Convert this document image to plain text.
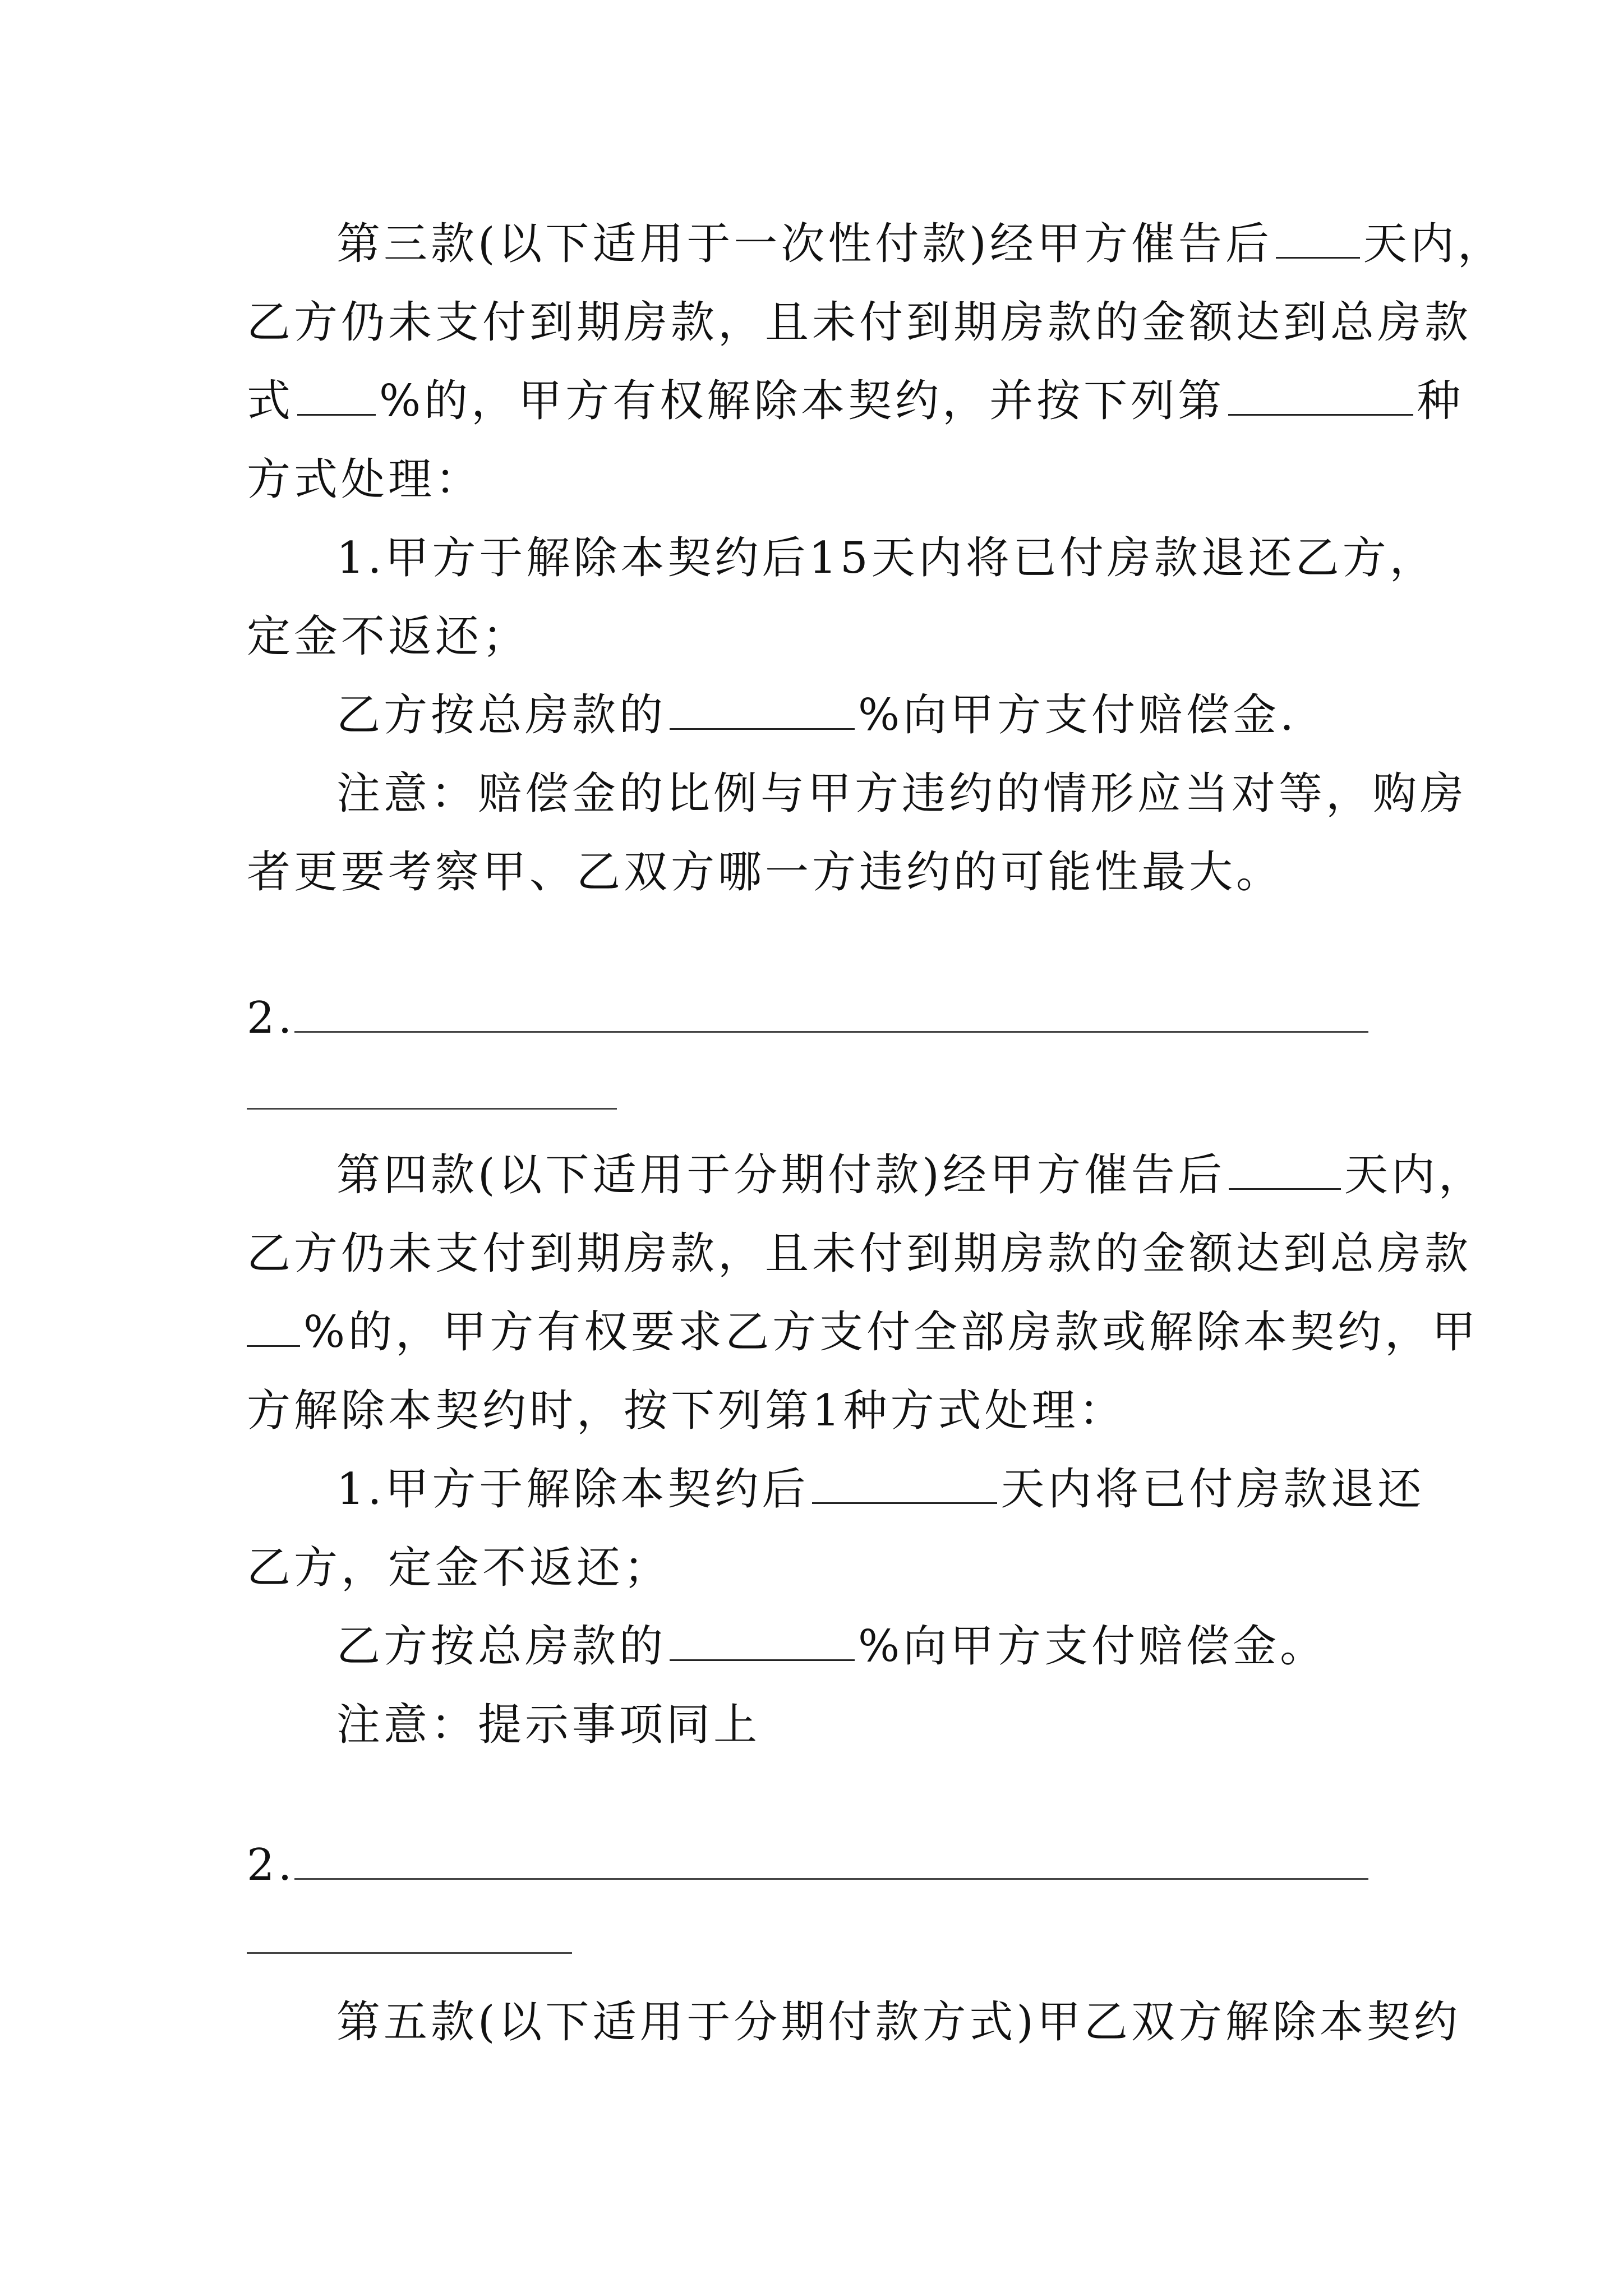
第三款(以下适用于一次性付款)经甲方催告后 天内，
乙方仍未支付到期房款，且未付到期房款的金额达到总房款
式 %的，甲方有权解除本契约，并按下列第	种
方式处理：
1.甲方于解除本契约后15天内将已付房款退还乙方，
定金不返还；
乙方按总房款的	%向甲方支付赔偿金.
注意：赔偿金的比例与甲方违约的情形应当对等，购房
者更要考察甲、乙双方哪一方违约的可能性最大。
2.
第四款(以下适用于分期付款)经甲方催告后	天内，
乙方仍未支付到期房款，且未付到期房款的金额达到总房款
%的，甲方有权要求乙方支付全部房款或解除本契约，甲
方解除本契约时，按下列第1种方式处理：
1.甲方于解除本契约后	天内将已付房款退还
乙方，定金不返还；
乙方按总房款的	%向甲方支付赔偿金。
注意：提示事项同上
2.
第五款(以下适用于分期付款方式)甲乙双方解除本契约
